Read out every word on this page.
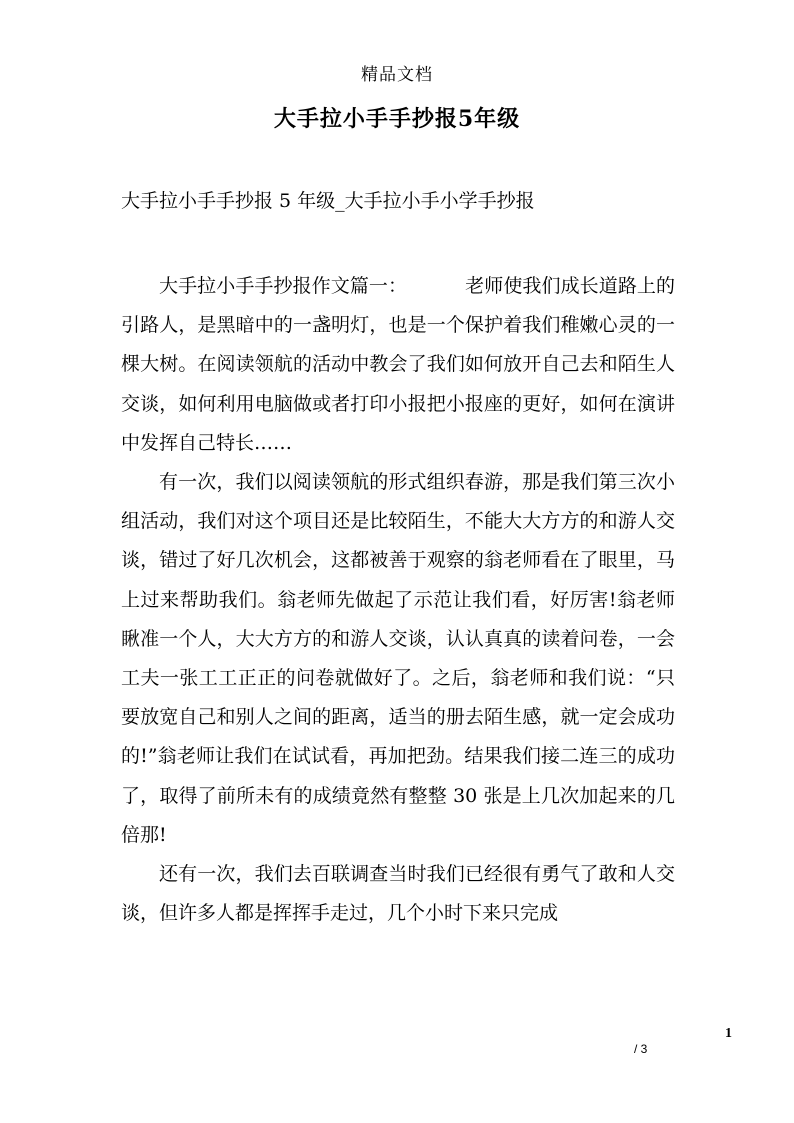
精品文档
大手拉小手手抄报5年级
大手拉小手手抄报 5 年级_大手拉小手小学手抄报

大手拉小手手抄报作文篇一：	老师使我们成长道路上的引路人，是黑暗中的一盏明灯，也是一个保护着我们稚嫩心灵的一棵大树。在阅读领航的活动中教会了我们如何放开自己去和陌生人交谈，如何利用电脑做或者打印小报把小报座的更好，如何在演讲中发挥自己特长……

有一次，我们以阅读领航的形式组织春游，那是我们第三次小组活动，我们对这个项目还是比较陌生，不能大大方方的和游人交谈，错过了好几次机会，这都被善于观察的翁老师看在了眼里，马上过来帮助我们。翁老师先做起了示范让我们看，好厉害!翁老师瞅准一个人，大大方方的和游人交谈，认认真真的读着问卷，一会工夫一张工工正正的问卷就做好了。之后，翁老师和我们说：“只要放宽自己和别人之间的距离，适当的册去陌生感，就一定会成功的!”翁老师让我们在试试看，再加把劲。结果我们接二连三的成功了，取得了前所未有的成绩竟然有整整 30 张是上几次加起来的几倍那!

还有一次，我们去百联调查当时我们已经很有勇气了敢和人交谈，但许多人都是挥挥手走过，几个小时下来只完成

1
/ 3
